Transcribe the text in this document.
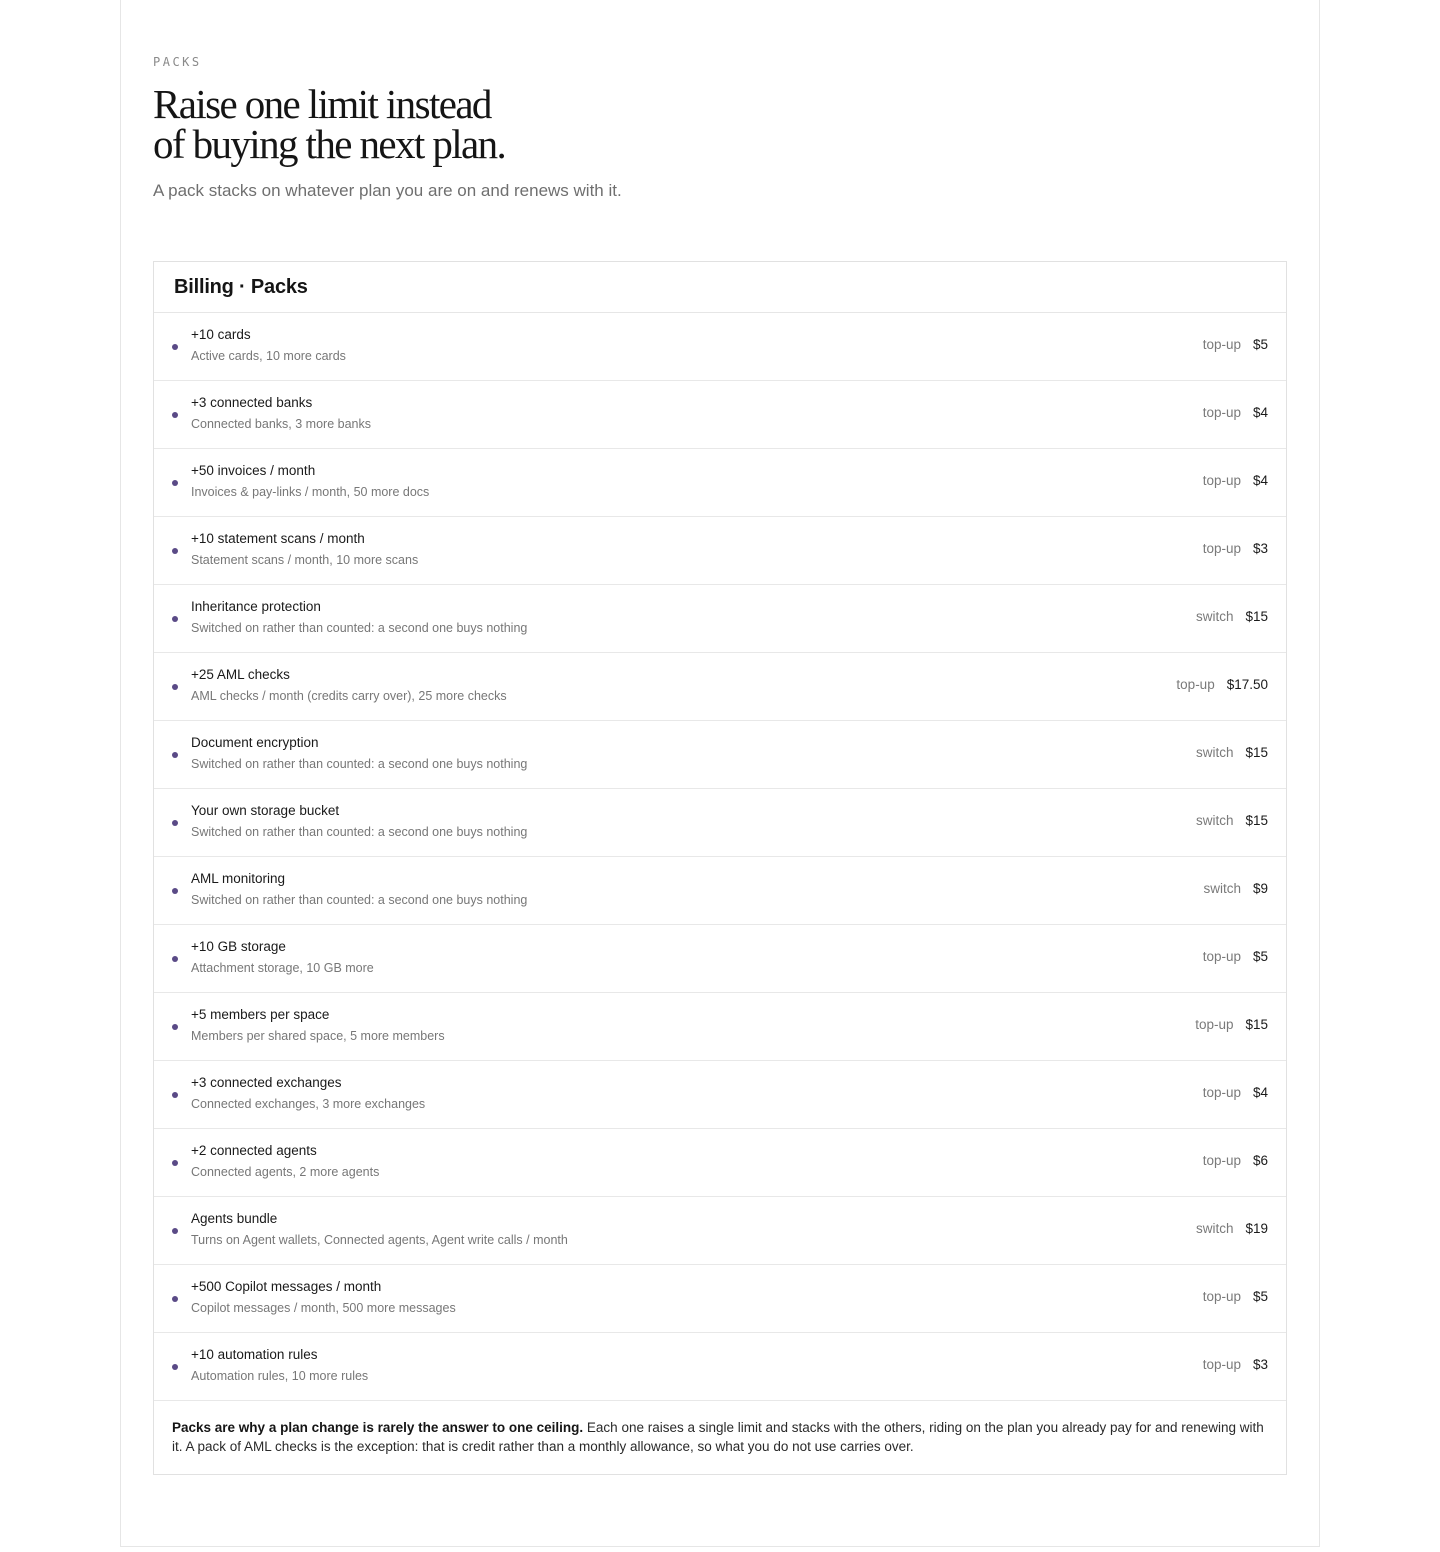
PACKS
Raise one limit instead
of buying the next plan.
A pack stacks on whatever plan you are on and renews with it.
Billing · Packs
+10 cards
Active cards, 10 more cards
top-up $5
+3 connected banks
Connected banks, 3 more banks
top-up $4
+50 invoices / month
Invoices & pay-links / month, 50 more docs
top-up $4
+10 statement scans / month
Statement scans / month, 10 more scans
top-up $3
Inheritance protection
Switched on rather than counted: a second one buys nothing
switch $15
+25 AML checks
AML checks / month (credits carry over), 25 more checks
top-up $17.50
Document encryption
Switched on rather than counted: a second one buys nothing
switch $15
Your own storage bucket
Switched on rather than counted: a second one buys nothing
switch $15
AML monitoring
Switched on rather than counted: a second one buys nothing
switch $9
+10 GB storage
Attachment storage, 10 GB more
top-up $5
+5 members per space
Members per shared space, 5 more members
top-up $15
+3 connected exchanges
Connected exchanges, 3 more exchanges
top-up $4
+2 connected agents
Connected agents, 2 more agents
top-up $6
Agents bundle
Turns on Agent wallets, Connected agents, Agent write calls / month
switch $19
+500 Copilot messages / month
Copilot messages / month, 500 more messages
top-up $5
+10 automation rules
Automation rules, 10 more rules
top-up $3
Packs are why a plan change is rarely the answer to one ceiling. Each one raises a single limit and stacks with the others, riding on the plan you already pay for and renewing with it. A pack of AML checks is the exception: that is credit rather than a monthly allowance, so what you do not use carries over.
